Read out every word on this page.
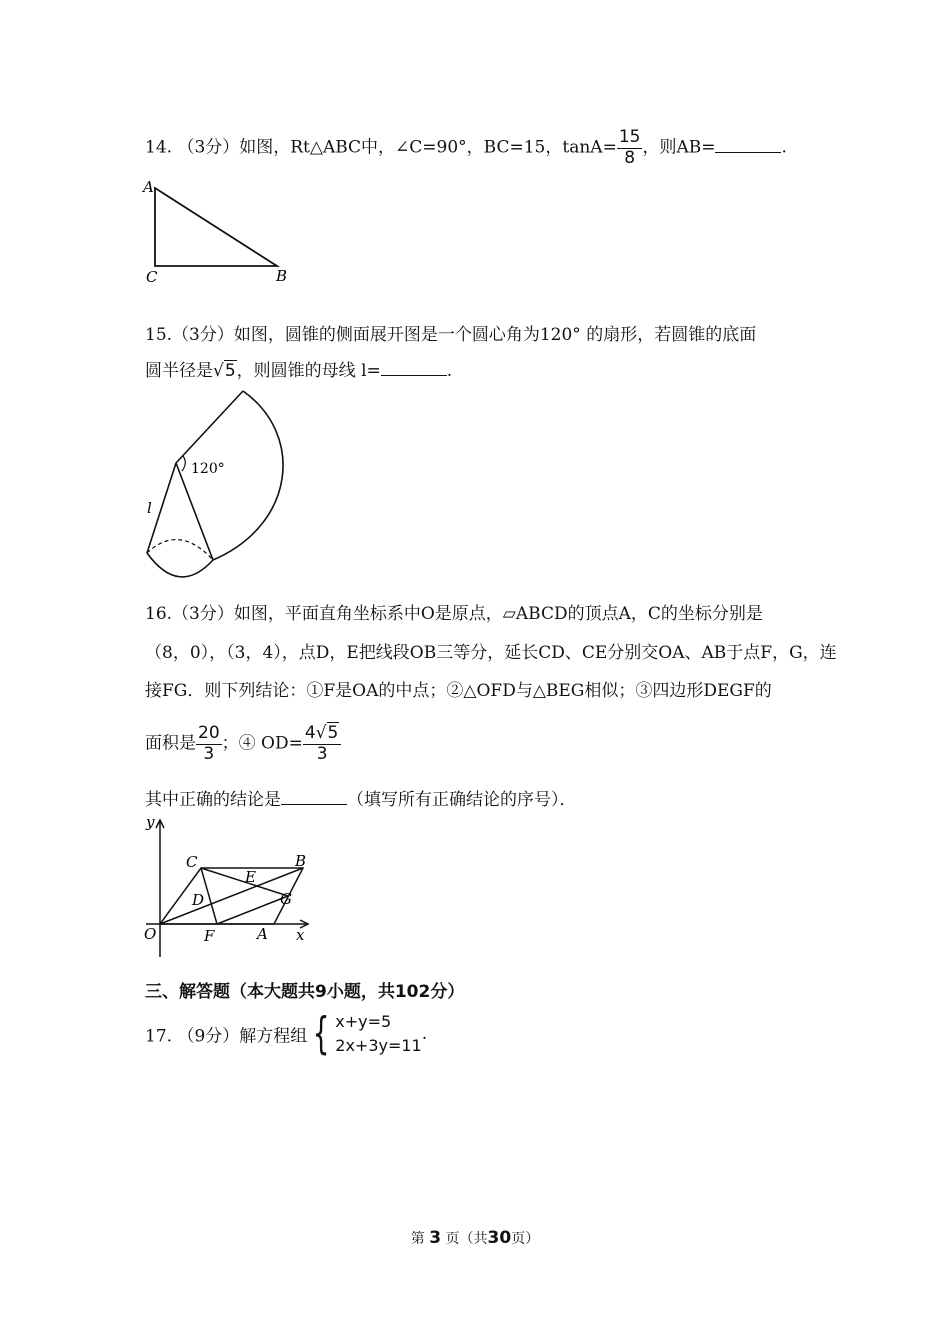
14. （3分）如图，Rt△ABC中，∠C=90°，BC=15，$\tan A= \frac{15}{8}$ ，则AB=	.
A
C	B
15.（3分）如图，圆锥的侧面展开图是一个圆心角为120° 的扇形，若圆锥的底面
圆半径是√5，则圆锥的母线 l=	.
120°
l
16.（3分）如图，平面直角坐标系中O是原点，▱ABCD的顶点A，C的坐标分别是
（8，0），（3，4），点D，E把线段OB三等分，延长CD、CE分别交OA、AB于点F，G，连
接FG．则下列结论：①F是OA的中点；②△OFD与△BEG相似；③四边形DEGF的
面积是 $\frac{20}{3}$ ；④ $OD= \frac{4√5}{3}$
其中正确的结论是	（填写所有正确结论的序号）．
y
x
O
C	B
E
D	G
F	A
三、解答题（本大题共9小题，共102分）
17. （9分）解方程组 { x+y=5
2x+3y=11
.
第 3 页（共30页）
